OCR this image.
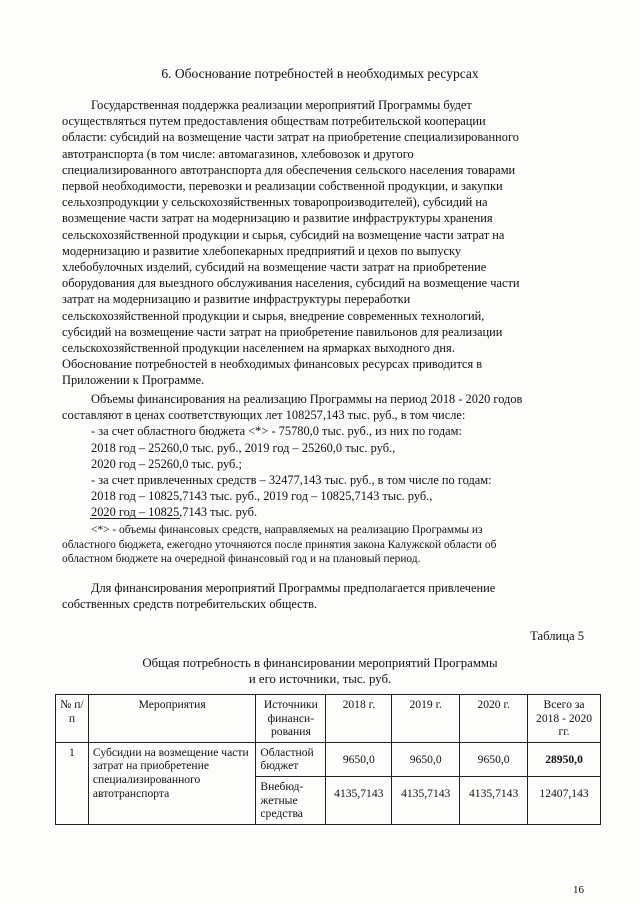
6. Обоснование потребностей в необходимых ресурсах

Государственная поддержка реализации мероприятий Программы будет

осуществляться путем предоставления обществам потребительской кооперации

области: субсидий на возмещение части затрат на приобретение специализированного

автотранспорта (в том числе: автомагазинов, хлебовозок и другого

специализированного автотранспорта для обеспечения сельского населения товарами

первой необходимости, перевозки и реализации собственной продукции, и закупки

сельхозпродукции у сельскохозяйственных товаропроизводителей), субсидий на

возмещение части затрат на модернизацию и развитие инфраструктуры хранения

сельскохозяйственной продукции и сырья, субсидий на возмещение части затрат на

модернизацию и развитие хлебопекарных предприятий и цехов по выпуску

хлебобулочных изделий, субсидий на возмещение части затрат на приобретение

оборудования для выездного обслуживания населения, субсидий на возмещение части

затрат на модернизацию и развитие инфраструктуры переработки

сельскохозяйственной продукции и сырья, внедрение современных технологий,

субсидий на возмещение части затрат на приобретение павильонов для реализации

сельскохозяйственной продукции населением на ярмарках выходного дня.

Обоснование потребностей в необходимых финансовых ресурсах приводится в

Приложении к Программе.

Объемы финансирования на реализацию Программы на период 2018 - 2020 годов

составляют в ценах соответствующих лет 108257,143 тыс. руб., в том числе:

- за счет областного бюджета <*> - 75780,0 тыс. руб., из них по годам:

2018 год – 25260,0 тыс. руб., 2019 год – 25260,0 тыс. руб.,

2020 год – 25260,0 тыс. руб.;

- за счет привлеченных средств – 32477,143 тыс. руб., в том числе по годам:

2018 год – 10825,7143 тыс. руб., 2019 год – 10825,7143 тыс. руб.,

2020 год – 10825,7143 тыс. руб.

<*> - объемы финансовых средств, направляемых на реализацию Программы из

областного бюджета, ежегодно уточняются после принятия закона Калужской области об

областном бюджете на очередной финансовый год и на плановый период.

Для финансирования мероприятий Программы предполагается привлечение

собственных средств потребительских обществ.

Таблица 5
Общая потребность в финансировании мероприятий Программы
и его источники, тыс. руб.
№ п/п	Мероприятия	Источники финанси-рования	2018 г.	2019 г.	2020 г.	Всего за 2018 - 2020 гг.
1	Субсидии на возмещение части затрат на приобретение специализированного автотранспорта	Областной бюджет	9650,0	9650,0	9650,0	28950,0
		Внебюд-жетные средства	4135,7143	4135,7143	4135,7143	12407,143
16
